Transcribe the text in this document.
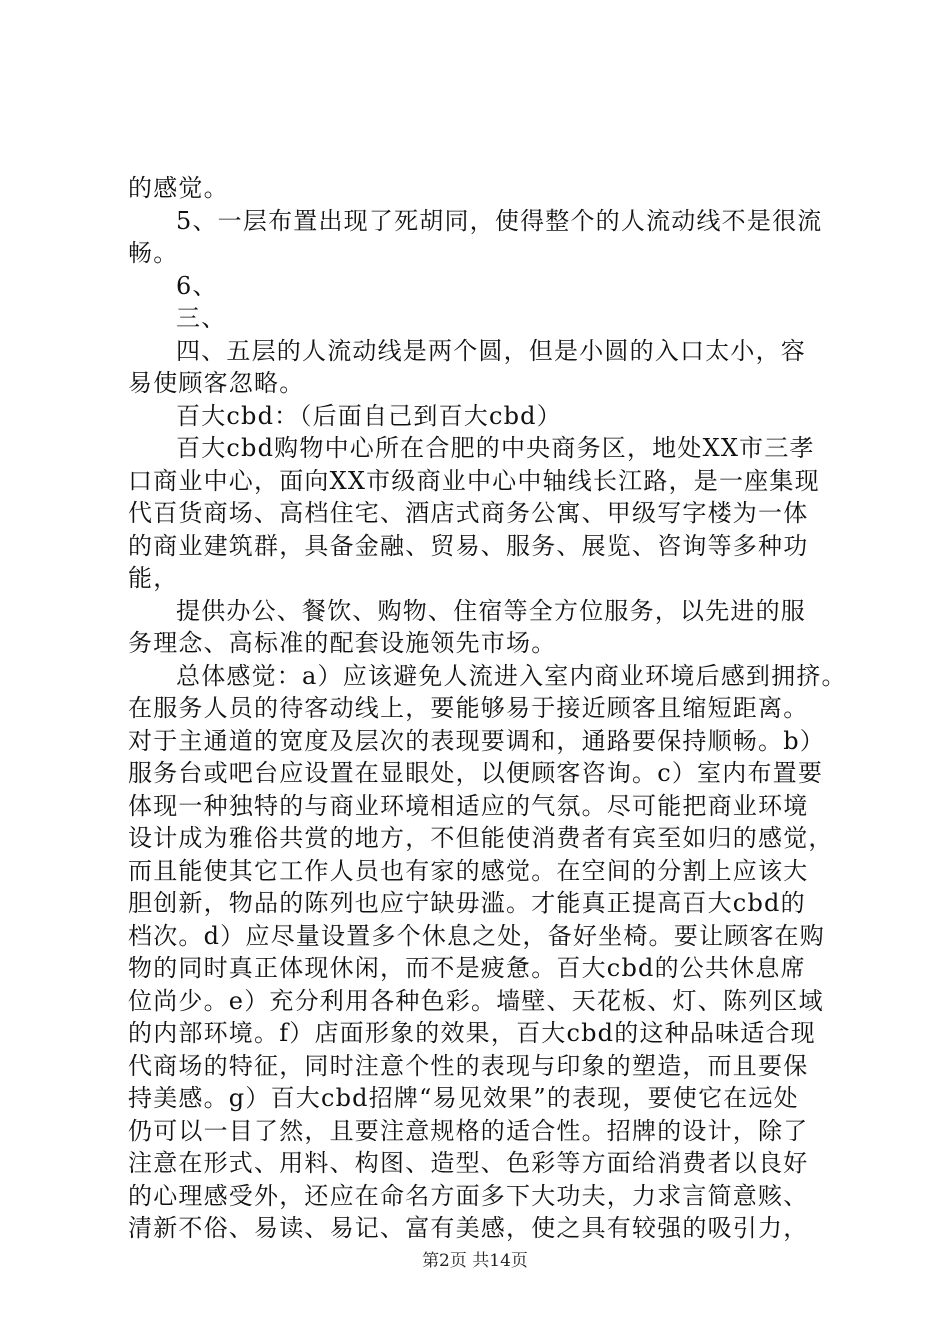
的感觉。

5、一层布置出现了死胡同，使得整个的人流动线不是很流

畅。

6、

三、

四、五层的人流动线是两个圆，但是小圆的入口太小，容

易使顾客忽略。

百大cbd：（后面自己到百大cbd）

百大cbd购物中心所在合肥的中央商务区，地处XX市三孝

口商业中心，面向XX市级商业中心中轴线长江路，是一座集现

代百货商场、高档住宅、酒店式商务公寓、甲级写字楼为一体

的商业建筑群，具备金融、贸易、服务、展览、咨询等多种功

能，

提供办公、餐饮、购物、住宿等全方位服务，以先进的服

务理念、高标准的配套设施领先市场。

总体感觉：a）应该避免人流进入室内商业环境后感到拥挤。

在服务人员的待客动线上，要能够易于接近顾客且缩短距离。

对于主通道的宽度及层次的表现要调和，通路要保持顺畅。b）

服务台或吧台应设置在显眼处，以便顾客咨询。c）室内布置要

体现一种独特的与商业环境相适应的气氛。尽可能把商业环境

设计成为雅俗共赏的地方，不但能使消费者有宾至如归的感觉，

而且能使其它工作人员也有家的感觉。在空间的分割上应该大

胆创新，物品的陈列也应宁缺毋滥。才能真正提高百大cbd的

档次。d）应尽量设置多个休息之处，备好坐椅。要让顾客在购

物的同时真正体现休闲，而不是疲惫。百大cbd的公共休息席

位尚少。e）充分利用各种色彩。墙壁、天花板、灯、陈列区域

的内部环境。f）店面形象的效果，百大cbd的这种品味适合现

代商场的特征，同时注意个性的表现与印象的塑造，而且要保

持美感。g）百大cbd招牌“易见效果”的表现，要使它在远处

仍可以一目了然，且要注意规格的适合性。招牌的设计，除了

注意在形式、用料、构图、造型、色彩等方面给消费者以良好

的心理感受外，还应在命名方面多下大功夫，力求言简意赅、

清新不俗、易读、易记、富有美感，使之具有较强的吸引力，

第2页 共14页
